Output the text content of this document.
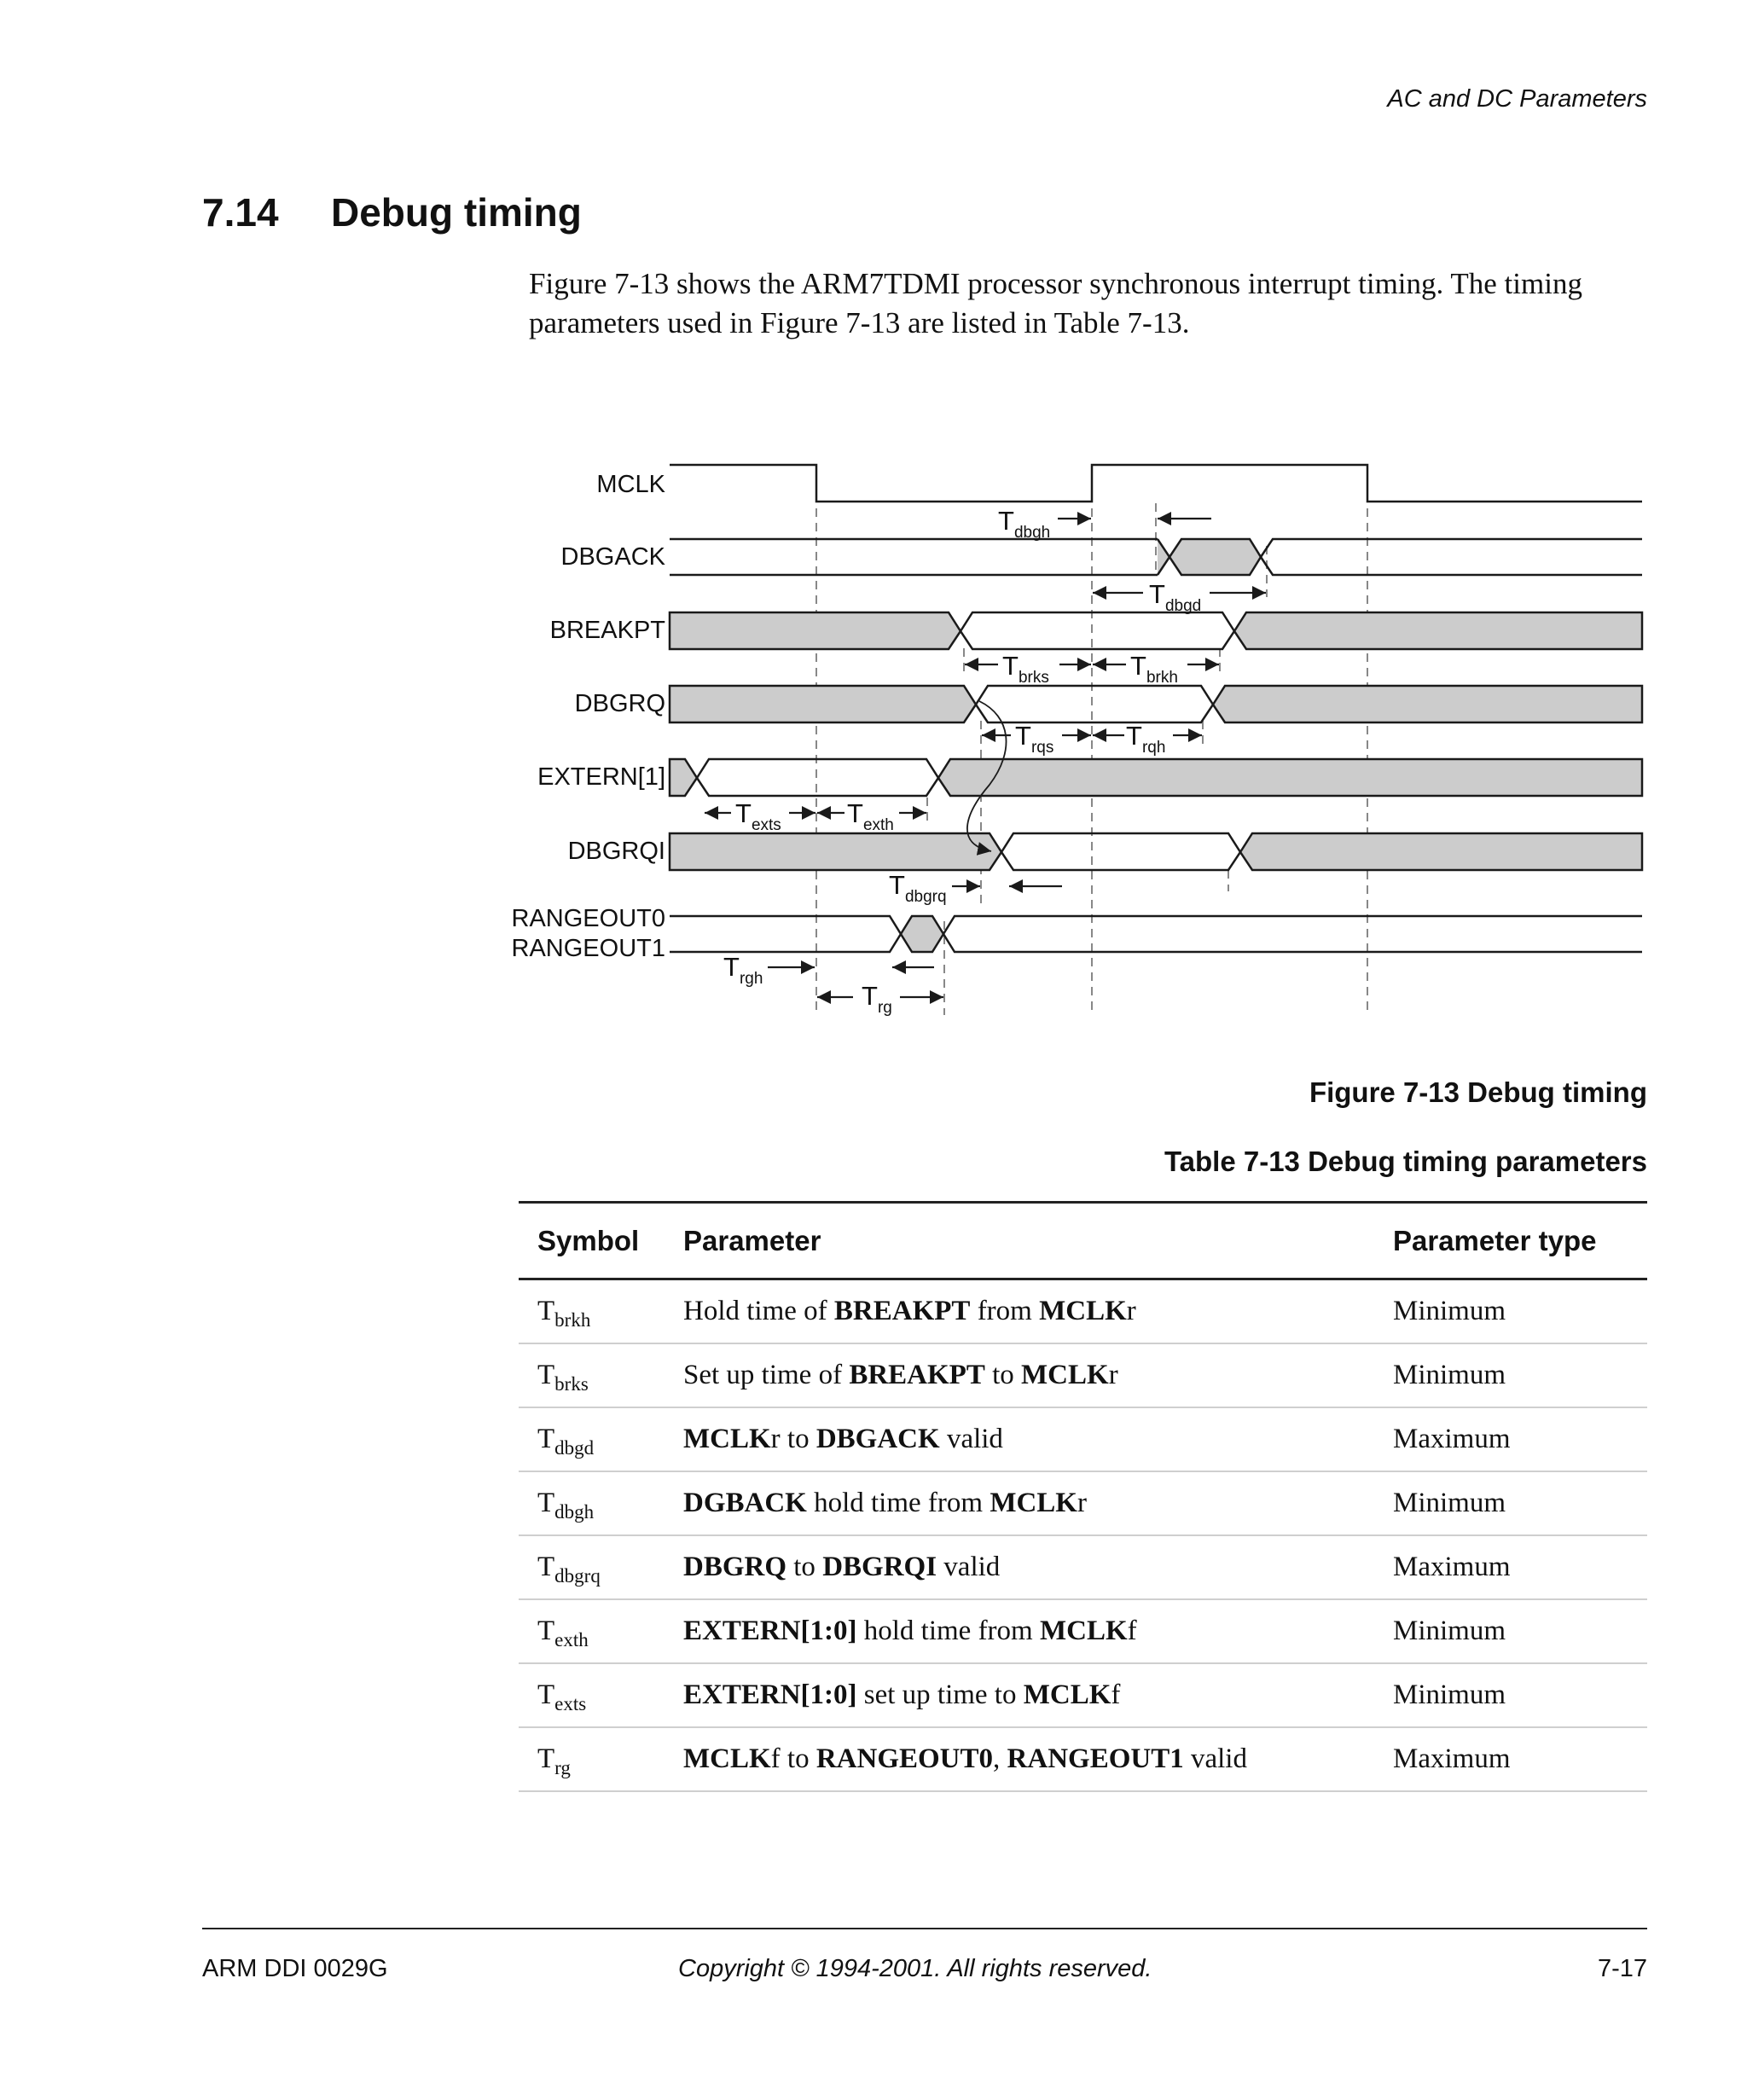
AC and DC Parameters
7.14 Debug timing
Figure 7-13 shows the ARM7TDMI processor synchronous interrupt timing. The timing parameters used in Figure 7-13 are listed in Table 7-13.
MCLK
DBGACK
BREAKPT
DBGRQ
EXTERN[1]
DBGRQI
RANGEOUT0
RANGEOUT1
$T_{dbgh}$
$T_{dbgd}$
$T_{brks}$	$T_{brkh}$
$T_{rqs}$	$T_{rqh}$
$T_{exts}$ $T_{exth}$
$T_{dbgrq}$
$T_{rgh}$
$T_{rg}$
Figure 7-13 Debug timing
Table 7-13 Debug timing parameters
Symbol	Parameter	Parameter type
$T_{brkh}$	Hold time of BREAKPT from MCLKr	Minimum
$T_{brks}$	Set up time of BREAKPT to MCLKr	Minimum
$T_{dbgd}$	MCLKr to DBGACK valid	Maximum
$T_{dbgh}$	DGBACK hold time from MCLKr	Minimum
$T_{dbgrq}$	DBGRQ to DBGRQI valid	Maximum
$T_{exth}$	EXTERN[1:0] hold time from MCLKf	Minimum
$T_{exts}$	EXTERN[1:0] set up time to MCLKf	Minimum
$T_{rg}$	MCLKf to RANGEOUT0, RANGEOUT1 valid	Maximum
ARM DDI 0029G	Copyright © 1994-2001. All rights reserved.	7-17
